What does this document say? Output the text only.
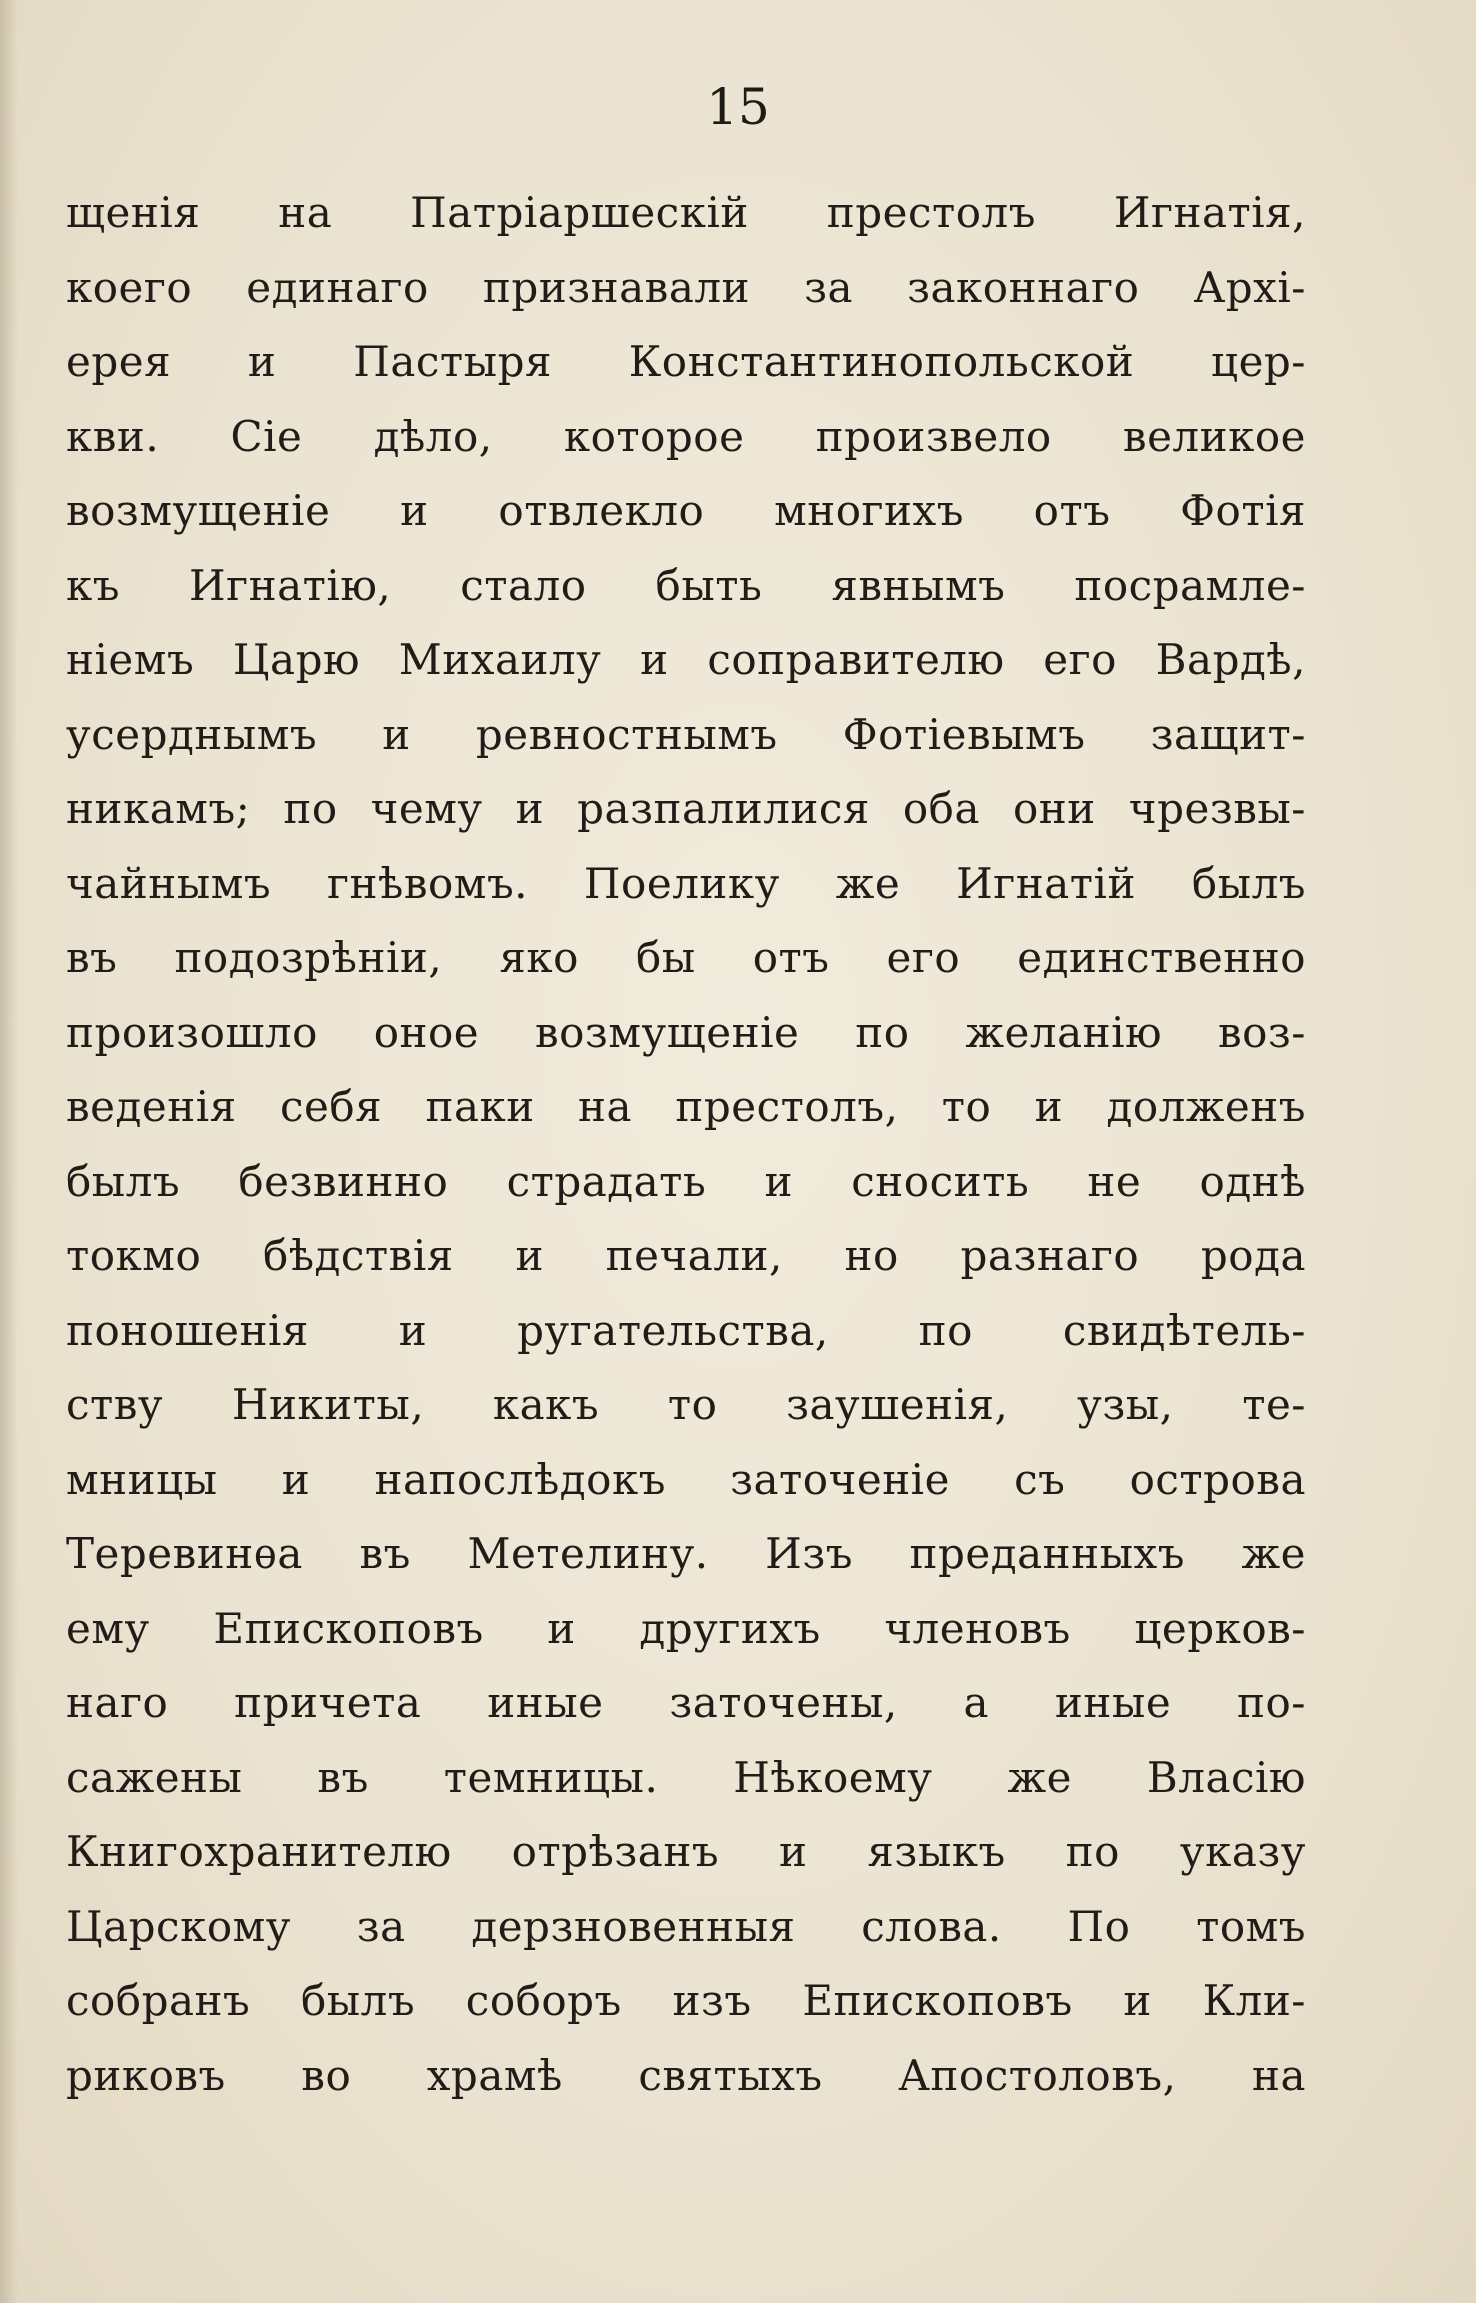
15

щенія на Патріаршескій престолъ Игнатія,
коего единаго признавали за законнаго Архі-
ерея и Пастыря Константинопольской цер-
кви. Сіе дѣло, которое произвело великое
возмущеніе и отвлекло многихъ отъ Фотія
къ Игнатію, стало быть явнымъ посрамле-
ніемъ Царю Михаилу и соправителю его Вардѣ,
усерднымъ и ревностнымъ Фотіевымъ защит-
никамъ; по чему и разпалилися оба они чрезвы-
чайнымъ гнѣвомъ. Поелику же Игнатій былъ
въ подозрѣніи, яко бы отъ его единственно
произошло оное возмущеніе по желанію воз-
веденія себя паки на престолъ, то и долженъ
былъ безвинно страдать и сносить не однѣ
токмо бѣдствія и печали, но разнаго рода
поношенія и ругательства, по свидѣтель-
ству Никиты, какъ то заушенія, узы, те-
мницы и напослѣдокъ заточеніе съ острова
Теревинѳа въ Метелину. Изъ преданныхъ же
ему Епископовъ и другихъ членовъ церков-
наго причета иные заточены, а иные по-
сажены въ темницы. Нѣкоему же Власію
Книгохранителю отрѣзанъ и языкъ по указу
Царскому за дерзновенныя слова. По томъ
собранъ былъ соборъ изъ Епископовъ и Кли-
риковъ во храмѣ святыхъ Апостоловъ, на
